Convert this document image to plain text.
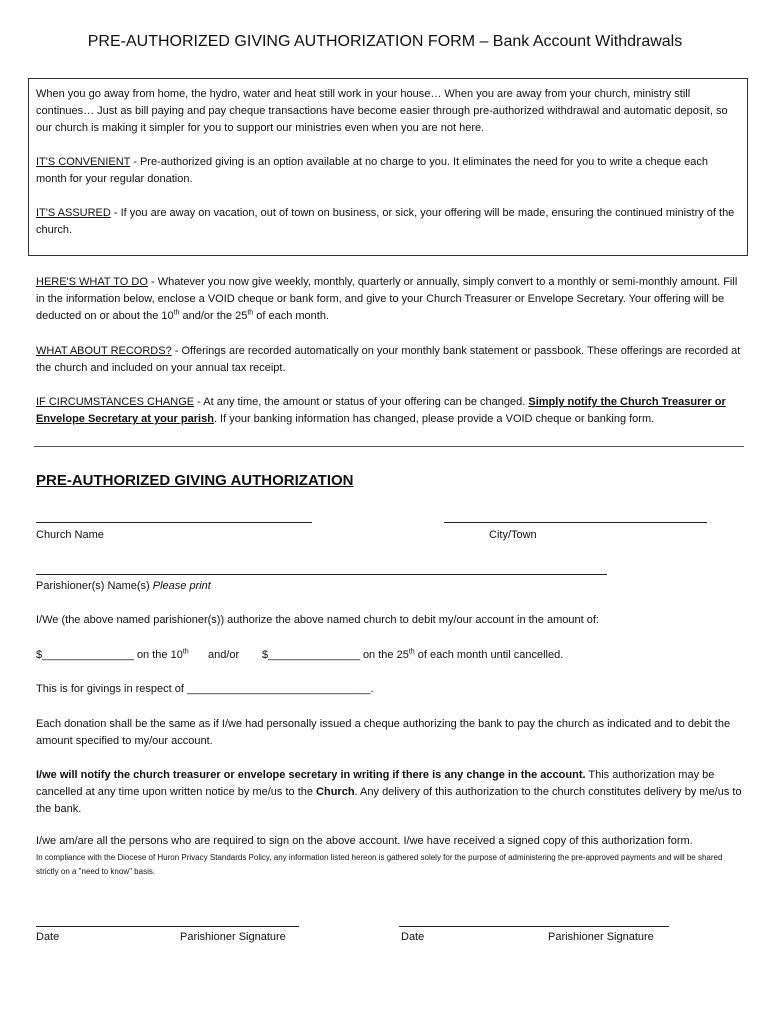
PRE-AUTHORIZED GIVING AUTHORIZATION FORM – Bank Account Withdrawals
When you go away from home, the hydro, water and heat still work in your house… When you are away from your church, ministry still continues… Just as bill paying and pay cheque transactions have become easier through pre-authorized withdrawal and automatic deposit, so our church is making it simpler for you to support our ministries even when you are not here.
IT'S CONVENIENT - Pre-authorized giving is an option available at no charge to you. It eliminates the need for you to write a cheque each month for your regular donation.
IT'S ASSURED - If you are away on vacation, out of town on business, or sick, your offering will be made, ensuring the continued ministry of the church.
HERE'S WHAT TO DO - Whatever you now give weekly, monthly, quarterly or annually, simply convert to a monthly or semi-monthly amount. Fill in the information below, enclose a VOID cheque or bank form, and give to your Church Treasurer or Envelope Secretary. Your offering will be deducted on or about the 10th and/or the 25th of each month.
WHAT ABOUT RECORDS? - Offerings are recorded automatically on your monthly bank statement or passbook. These offerings are recorded at the church and included on your annual tax receipt.
IF CIRCUMSTANCES CHANGE - At any time, the amount or status of your offering can be changed. Simply notify the Church Treasurer or Envelope Secretary at your parish. If your banking information has changed, please provide a VOID cheque or banking form.
PRE-AUTHORIZED GIVING AUTHORIZATION
Church Name	City/Town
Parishioner(s) Name(s) Please print
I/We (the above named parishioner(s)) authorize the above named church to debit my/our account in the amount of:
$_______________ on the 10th and/or $_______________ on the 25th of each month until cancelled.
This is for givings in respect of ______________________________.
Each donation shall be the same as if I/we had personally issued a cheque authorizing the bank to pay the church as indicated and to debit the amount specified to my/our account.
I/we will notify the church treasurer or envelope secretary in writing if there is any change in the account. This authorization may be cancelled at any time upon written notice by me/us to the Church. Any delivery of this authorization to the church constitutes delivery by me/us to the bank.
I/we am/are all the persons who are required to sign on the above account. I/we have received a signed copy of this authorization form.
In compliance with the Diocese of Huron Privacy Standards Policy, any information listed hereon is gathered solely for the purpose of administering the pre-approved payments and will be shared strictly on a "need to know" basis.
Date	Parishioner Signature	Date	Parishioner Signature
